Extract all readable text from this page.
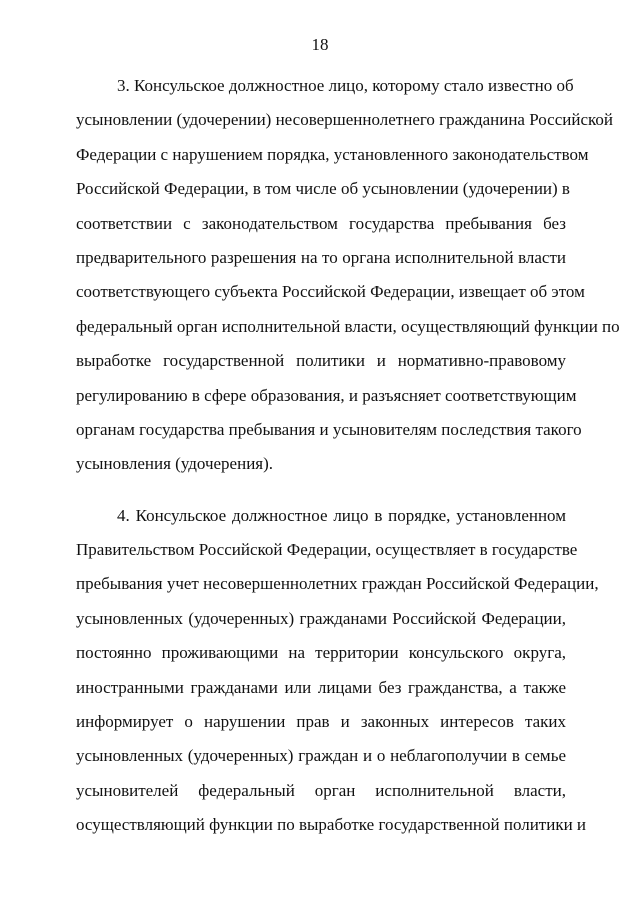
18
3. Консульское должностное лицо, которому стало известно об
усыновлении (удочерении) несовершеннолетнего гражданина Российской
Федерации с нарушением порядка, установленного законодательством
Российской Федерации, в том числе об усыновлении (удочерении) в
соответствии с законодательством государства пребывания без
предварительного разрешения на то органа исполнительной власти
соответствующего субъекта Российской Федерации, извещает об этом
федеральный орган исполнительной власти, осуществляющий функции по
выработке государственной политики и нормативно-правовому
регулированию в сфере образования, и разъясняет соответствующим
органам государства пребывания и усыновителям последствия такого
усыновления (удочерения).
4. Консульское должностное лицо в порядке, установленном
Правительством Российской Федерации, осуществляет в государстве
пребывания учет несовершеннолетних граждан Российской Федерации,
усыновленных (удочеренных) гражданами Российской Федерации,
постоянно проживающими на территории консульского округа,
иностранными гражданами или лицами без гражданства, а также
информирует о нарушении прав и законных интересов таких
усыновленных (удочеренных) граждан и о неблагополучии в семье
усыновителей федеральный орган исполнительной власти,
осуществляющий функции по выработке государственной политики и
